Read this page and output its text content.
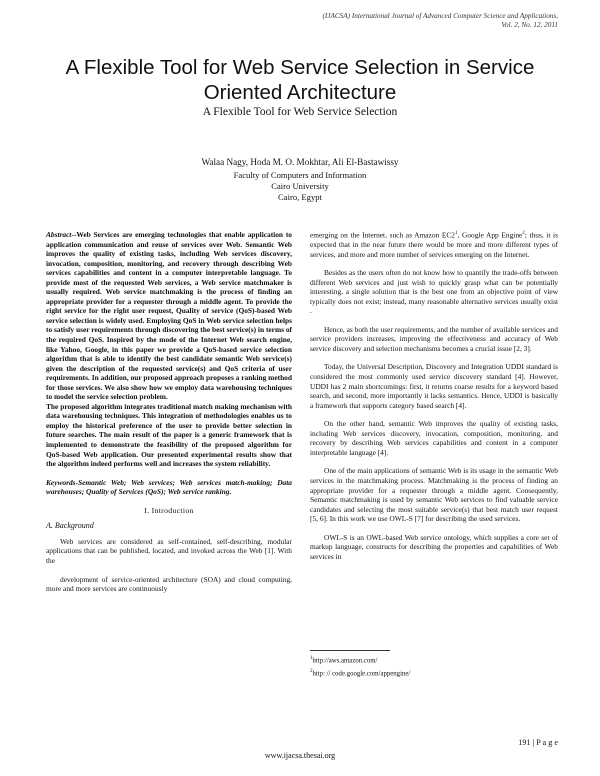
(IJACSA) International Journal of Advanced Computer Science and Applications,
Vol. 2, No. 12, 2011
A Flexible Tool for Web Service Selection in Service
Oriented Architecture
A Flexible Tool for Web Service Selection
Walaa Nagy, Hoda M. O. Mokhtar, Ali El-Bastawissy
Faculty of Computers and Information
Cairo University
Cairo, Egypt

Abstract--Web Services are emerging technologies that enable application to application communication and reuse of services over Web. Semantic Web improves the quality of existing tasks, including Web services discovery, invocation, composition, monitoring, and recovery through describing Web services capabilities and content in a computer interpretable language. To provide most of the requested Web services, a Web service matchmaker is usually required. Web service matchmaking is the process of finding an appropriate provider for a requester through a middle agent. To provide the right service for the right user request, Quality of service (QoS)-based Web service selection is widely used. Employing QoS in Web service selection helps to satisfy user requirements through discovering the best service(s) in terms of the required QoS. Inspired by the mode of the Internet Web search engine, like Yahoo, Google, in this paper we provide a QoS-based service selection algorithm that is able to identify the best candidate semantic Web service(s) given the description of the requested service(s) and QoS criteria of user requirements. In addition, our proposed approach proposes a ranking method for those services. We also show how we employ data warehousing techniques to model the service selection problem.

The proposed algorithm integrates traditional match making mechanism with data warehousing techniques. This integration of methodologies enables us to employ the historical preference of the user to provide better selection in future searches. The main result of the paper is a generic framework that is implemented to demonstrate the feasibility of the proposed algorithm for QoS-based Web application. Our presented experimental results show that the algorithm indeed performs well and increases the system reliability.

Keywords-Semantic Web; Web services; Web services match-making; Data warehouses; Quality of Services (QoS); Web service ranking.

I. Introduction

A. Background

Web services are considered as self-contained, self-describing, modular applications that can be published, located, and invoked across the Web [1]. With the

development of service-oriented architecture (SOA) and cloud computing, more and more services are continuously

emerging on the Internet, such as Amazon $EC2^1$, Google App Engine$^2$; thus, it is expected that in the near future there would be more and more different types of services, and more and more number of services emerging on the Internet.

Besides as the users often do not know how to quantify the trade-offs between different Web services and just wish to quickly grasp what can be potentially interesting, a single solution that is the best one from an objective point of view typically does not exist; instead, many reasonable alternative services usually exist .

Hence, as both the user requirements, and the number of available services and service providers increases, improving the effectiveness and accuracy of Web service discovery and selection mechanisms becomes a crucial issue [2, 3].

Today, the Universal Description, Discovery and Integration UDDI standard is considered the most commonly used service discovery standard [4]. However, UDDI has 2 main shortcomings: first, it returns coarse results for a keyword based search, and second, more importantly it lacks semantics. Hence, UDDI is basically a framework that supports category based search [4].

On the other hand, semantic Web improves the quality of existing tasks, including Web services discovery, invocation, composition, monitoring, and recovery by describing Web services capabilities and content in a computer interpretable language [4].

One of the main applications of semantic Web is its usage in the semantic Web services in the matchmaking process. Matchmaking is the process of finding an appropriate provider for a requester through a middle agent. Consequently, Semantic matchmaking is used by semantic Web services to find valuable service candidates and selecting the most suitable service(s) that best match user request [5, 6]. In this work we use OWL-S [7] for describing the used services.

OWL-S is an OWL-based Web service ontology, which supplies a core set of markup language, constructs for describing the properties and capabilities of Web services in

$^1$http://aws.amazon.com/
$^2$http: // code.google.com/appengine/
191 | P a g e
www.ijacsa.thesai.org
